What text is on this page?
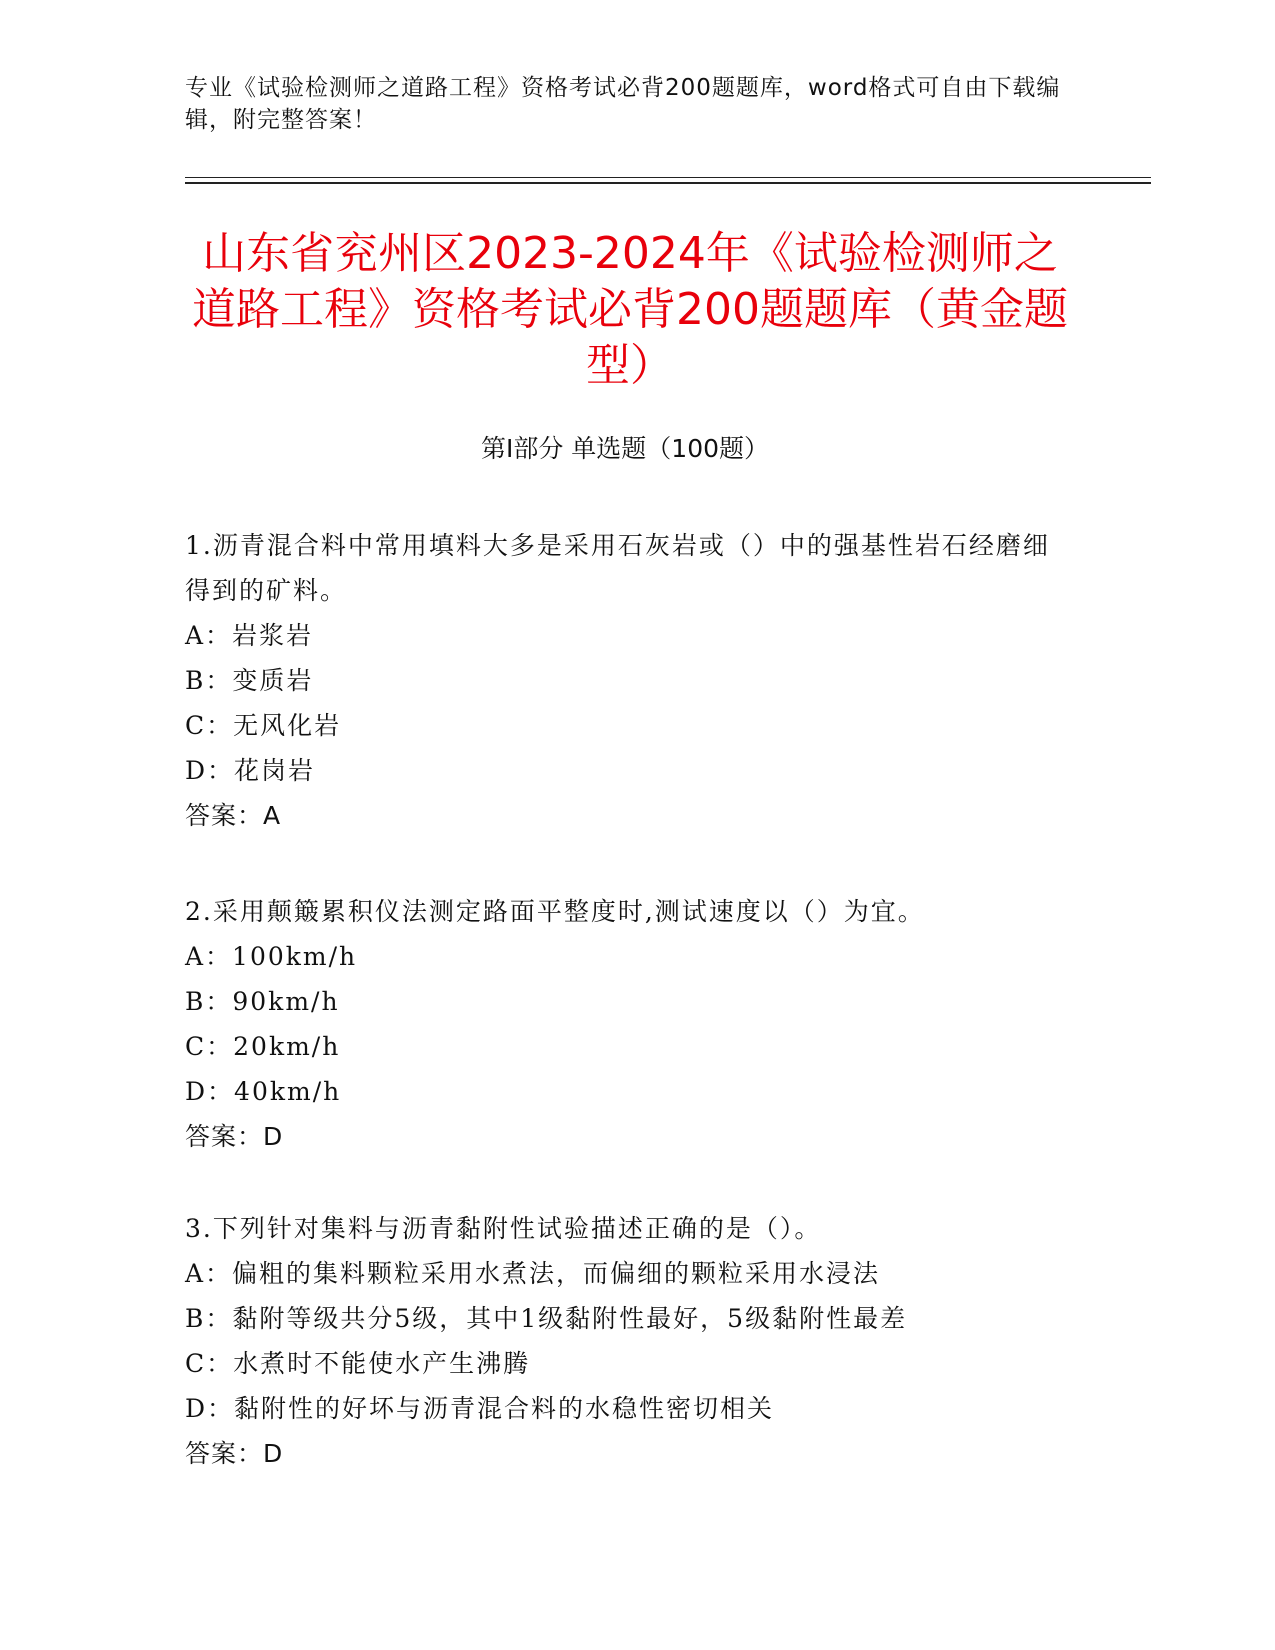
专业《试验检测师之道路工程》资格考试必背200题题库，word格式可自由下载编辑，附完整答案！
山东省兖州区2023-2024年《试验检测师之道路工程》资格考试必背200题题库（黄金题型）
第Ⅰ部分 单选题（100题）

1.沥青混合料中常用填料大多是采用石灰岩或（）中的强基性岩石经磨细得到的矿料。

A：岩浆岩

B：变质岩

C：无风化岩

D：花岗岩

答案：A

2.采用颠簸累积仪法测定路面平整度时,测试速度以（）为宜。

A：100km/h

B：90km/h

C：20km/h

D：40km/h

答案：D

3.下列针对集料与沥青黏附性试验描述正确的是（）。

A：偏粗的集料颗粒采用水煮法，而偏细的颗粒采用水浸法

B：黏附等级共分5级，其中1级黏附性最好，5级黏附性最差

C：水煮时不能使水产生沸腾

D：黏附性的好坏与沥青混合料的水稳性密切相关

答案：D
